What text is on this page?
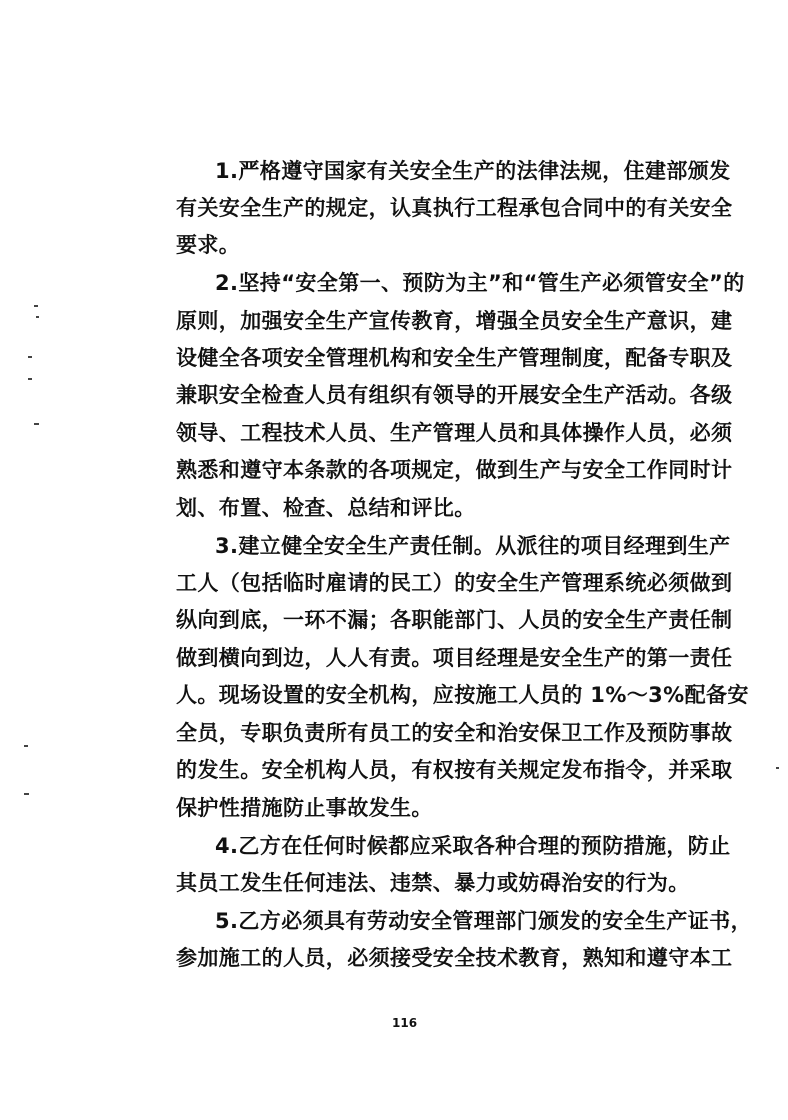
1.严格遵守国家有关安全生产的法律法规，住建部颁发
有关安全生产的规定，认真执行工程承包合同中的有关安全
要求。
2.坚持“安全第一、预防为主”和“管生产必须管安全”的
原则，加强安全生产宣传教育，增强全员安全生产意识，建
设健全各项安全管理机构和安全生产管理制度，配备专职及
兼职安全检查人员有组织有领导的开展安全生产活动。各级
领导、工程技术人员、生产管理人员和具体操作人员，必须
熟悉和遵守本条款的各项规定，做到生产与安全工作同时计
划、布置、检查、总结和评比。
3.建立健全安全生产责任制。从派往的项目经理到生产
工人（包括临时雇请的民工）的安全生产管理系统必须做到
纵向到底，一环不漏；各职能部门、人员的安全生产责任制
做到横向到边，人人有责。项目经理是安全生产的第一责任
人。现场设置的安全机构，应按施工人员的 1%～3%配备安
全员，专职负责所有员工的安全和治安保卫工作及预防事故
的发生。安全机构人员，有权按有关规定发布指令，并采取
保护性措施防止事故发生。
4.乙方在任何时候都应采取各种合理的预防措施，防止
其员工发生任何违法、违禁、暴力或妨碍治安的行为。
5.乙方必须具有劳动安全管理部门颁发的安全生产证书，
参加施工的人员，必须接受安全技术教育，熟知和遵守本工
116
